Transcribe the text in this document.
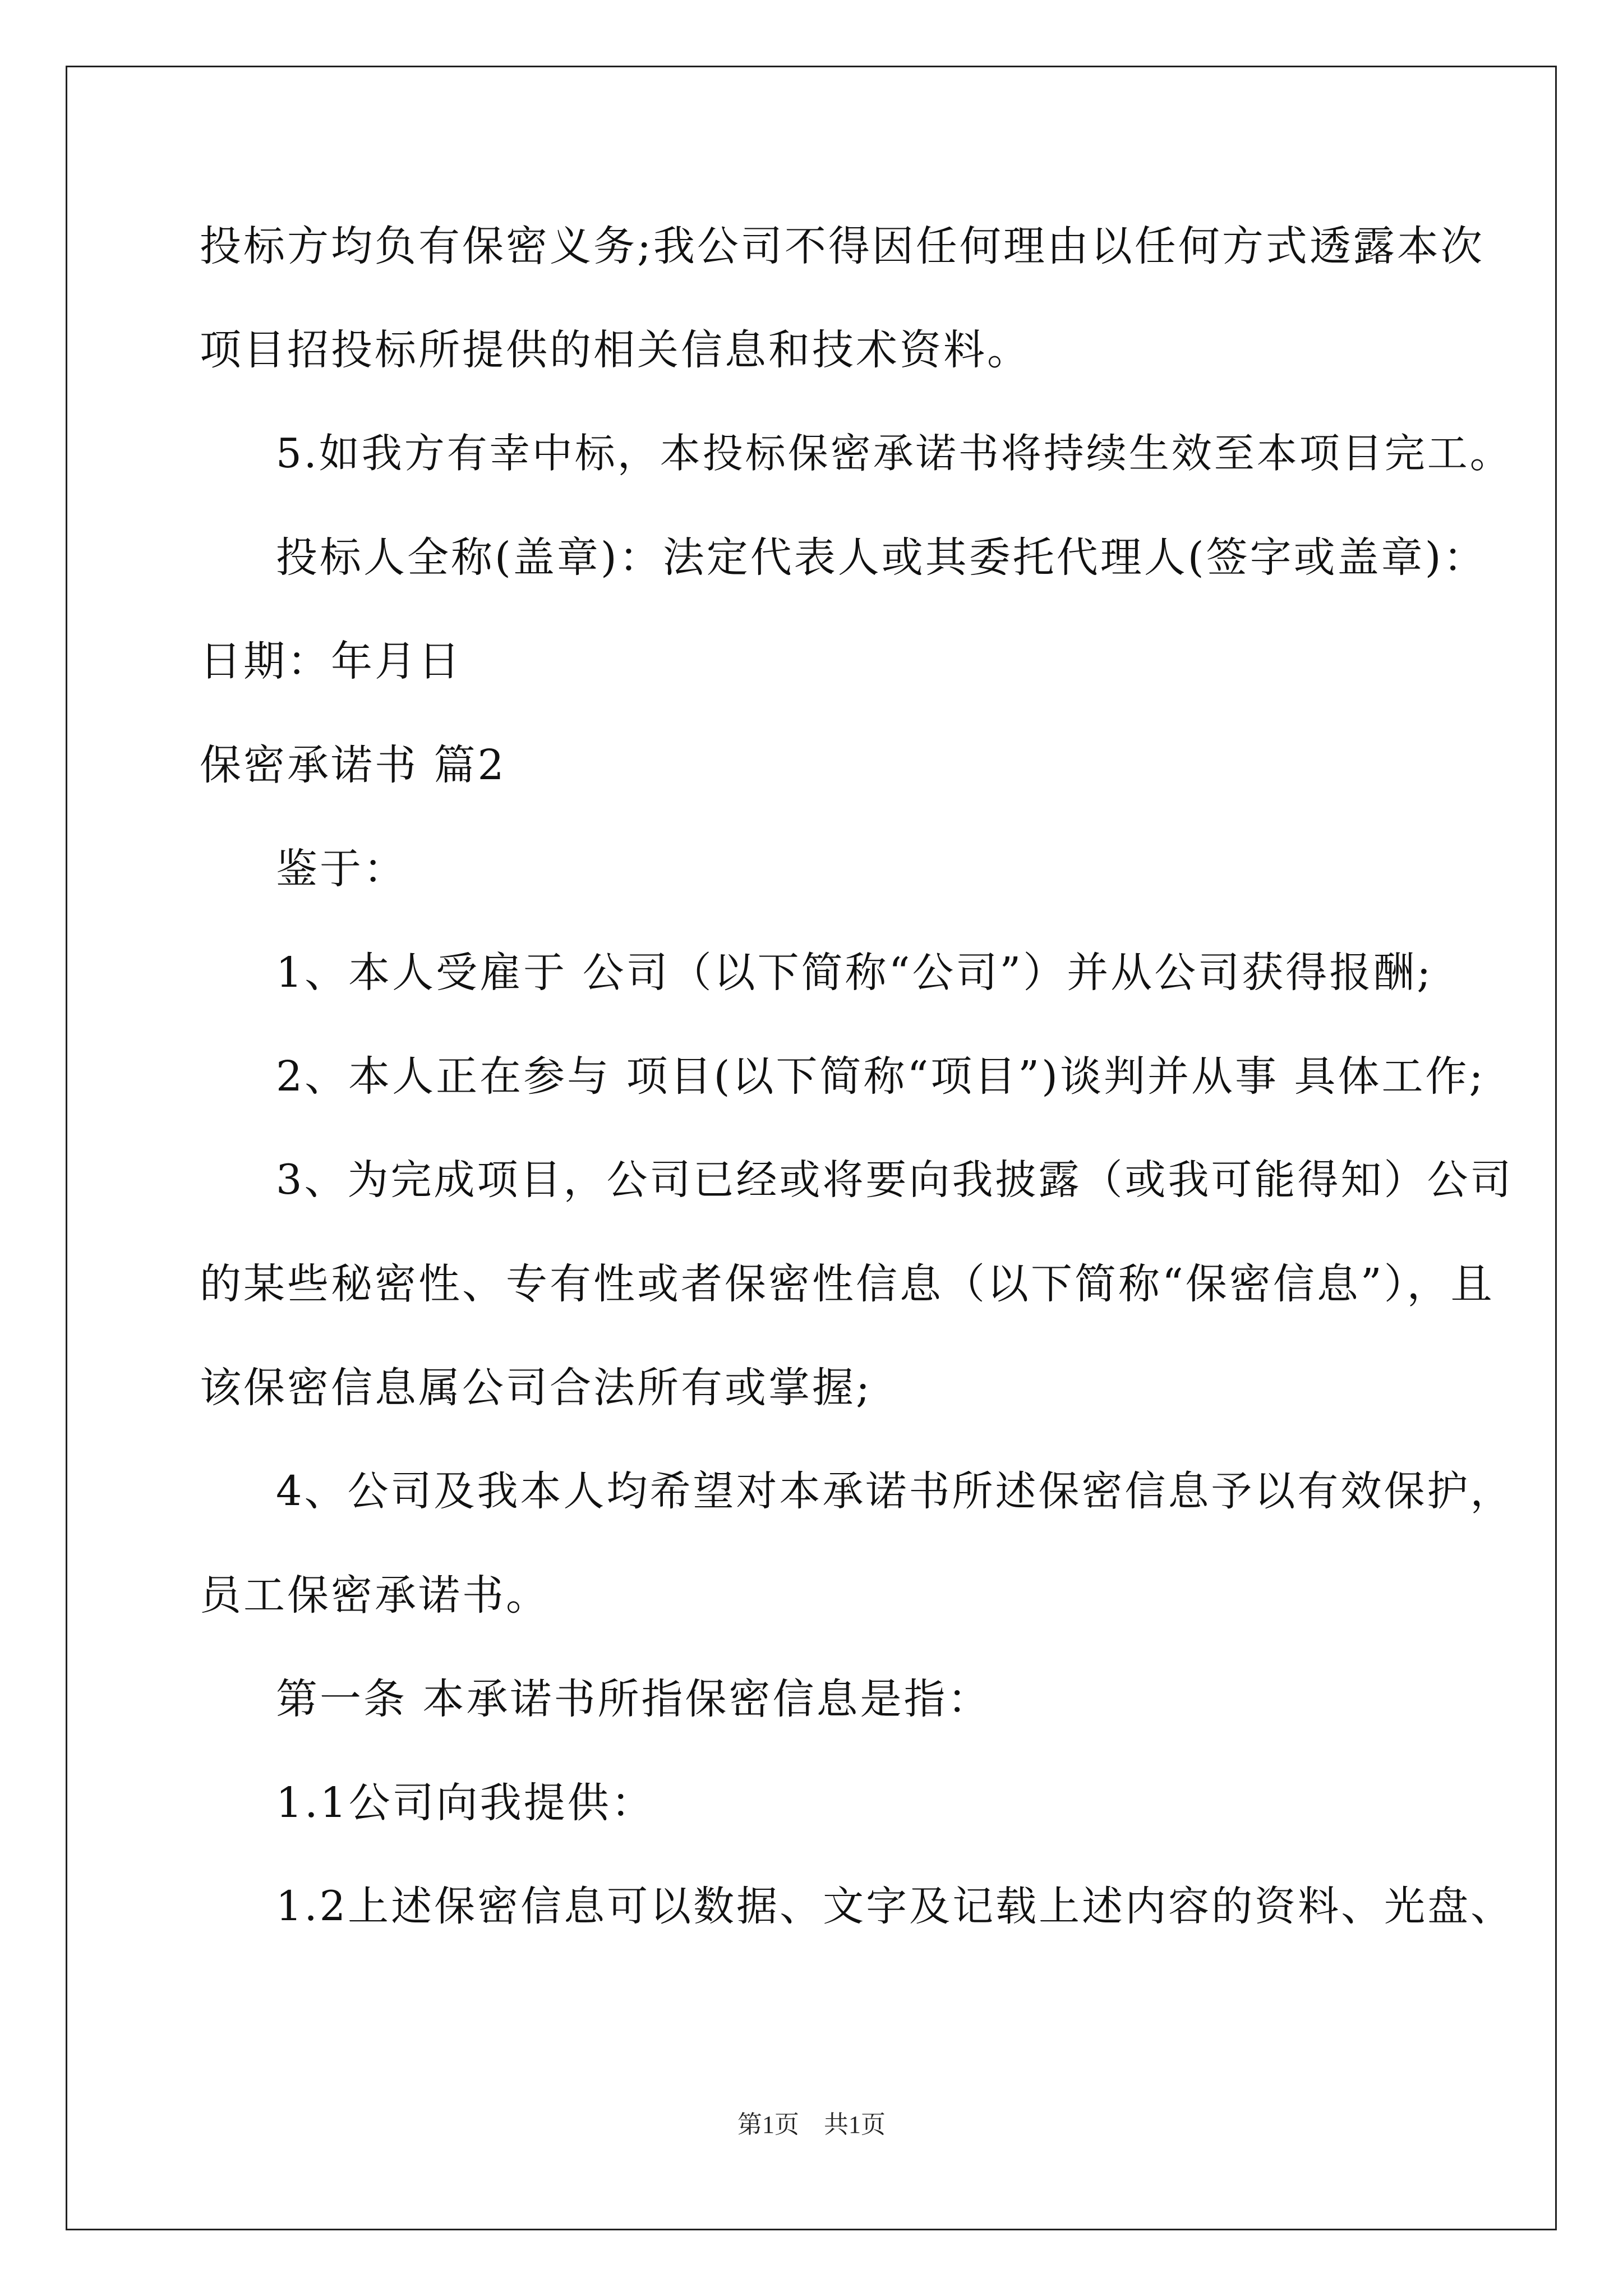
投标方均负有保密义务;我公司不得因任何理由以任何方式透露本次
项目招投标所提供的相关信息和技术资料。
5.如我方有幸中标，本投标保密承诺书将持续生效至本项目完工。
投标人全称(盖章)：法定代表人或其委托代理人(签字或盖章)：
日期：年月日
保密承诺书 篇2
鉴于：
1、本人受雇于 公司（以下简称“公司”）并从公司获得报酬;
2、本人正在参与 项目(以下简称“项目”)谈判并从事 具体工作;
3、为完成项目，公司已经或将要向我披露（或我可能得知）公司
的某些秘密性、专有性或者保密性信息（以下简称“保密信息”），且
该保密信息属公司合法所有或掌握;
4、公司及我本人均希望对本承诺书所述保密信息予以有效保护，
员工保密承诺书。
第一条 本承诺书所指保密信息是指：
1.1公司向我提供：
1.2上述保密信息可以数据、文字及记载上述内容的资料、光盘、
第1页　共1页
